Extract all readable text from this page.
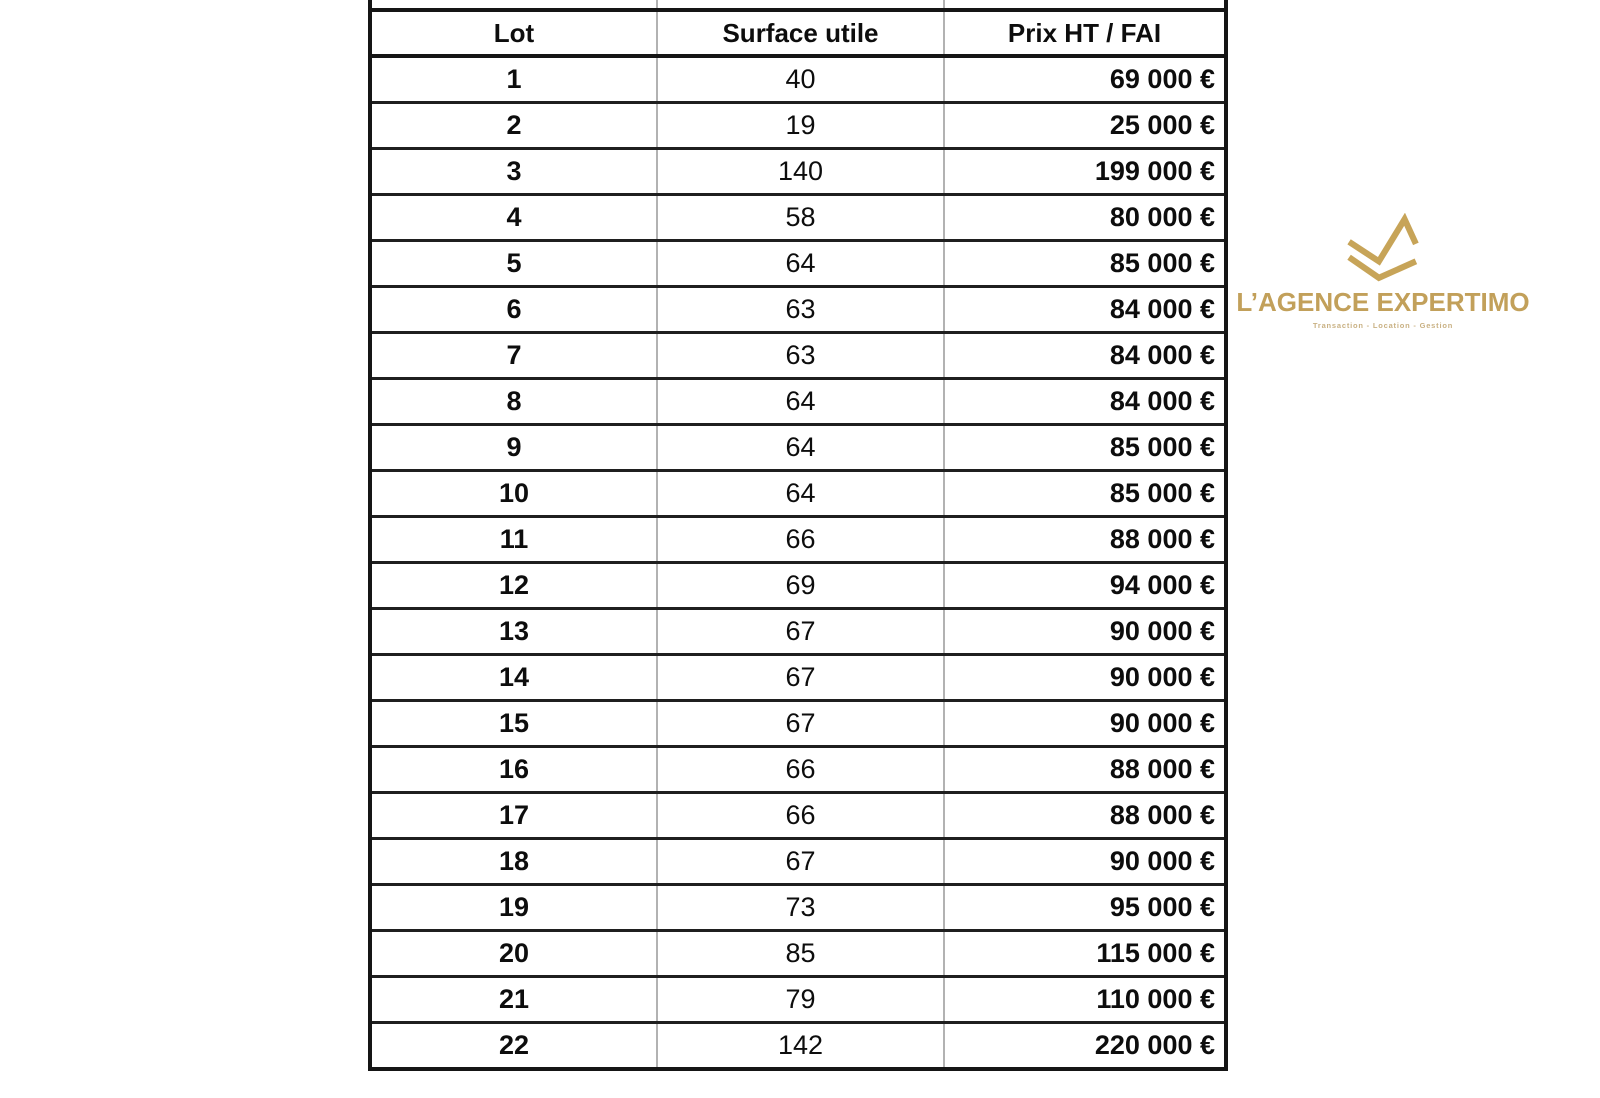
Lot	Surface utile	Prix HT / FAI
1	40	69 000 €
2	19	25 000 €
3	140	199 000 €
4	58	80 000 €
5	64	85 000 €
6	63	84 000 €
7	63	84 000 €
8	64	84 000 €
9	64	85 000 €
10	64	85 000 €
11	66	88 000 €
12	69	94 000 €
13	67	90 000 €
14	67	90 000 €
15	67	90 000 €
16	66	88 000 €
17	66	88 000 €
18	67	90 000 €
19	73	95 000 €
20	85	115 000 €
21	79	110 000 €
22	142	220 000 €
L’AGENCE EXPERTIMO
Transaction - Location - Gestion
